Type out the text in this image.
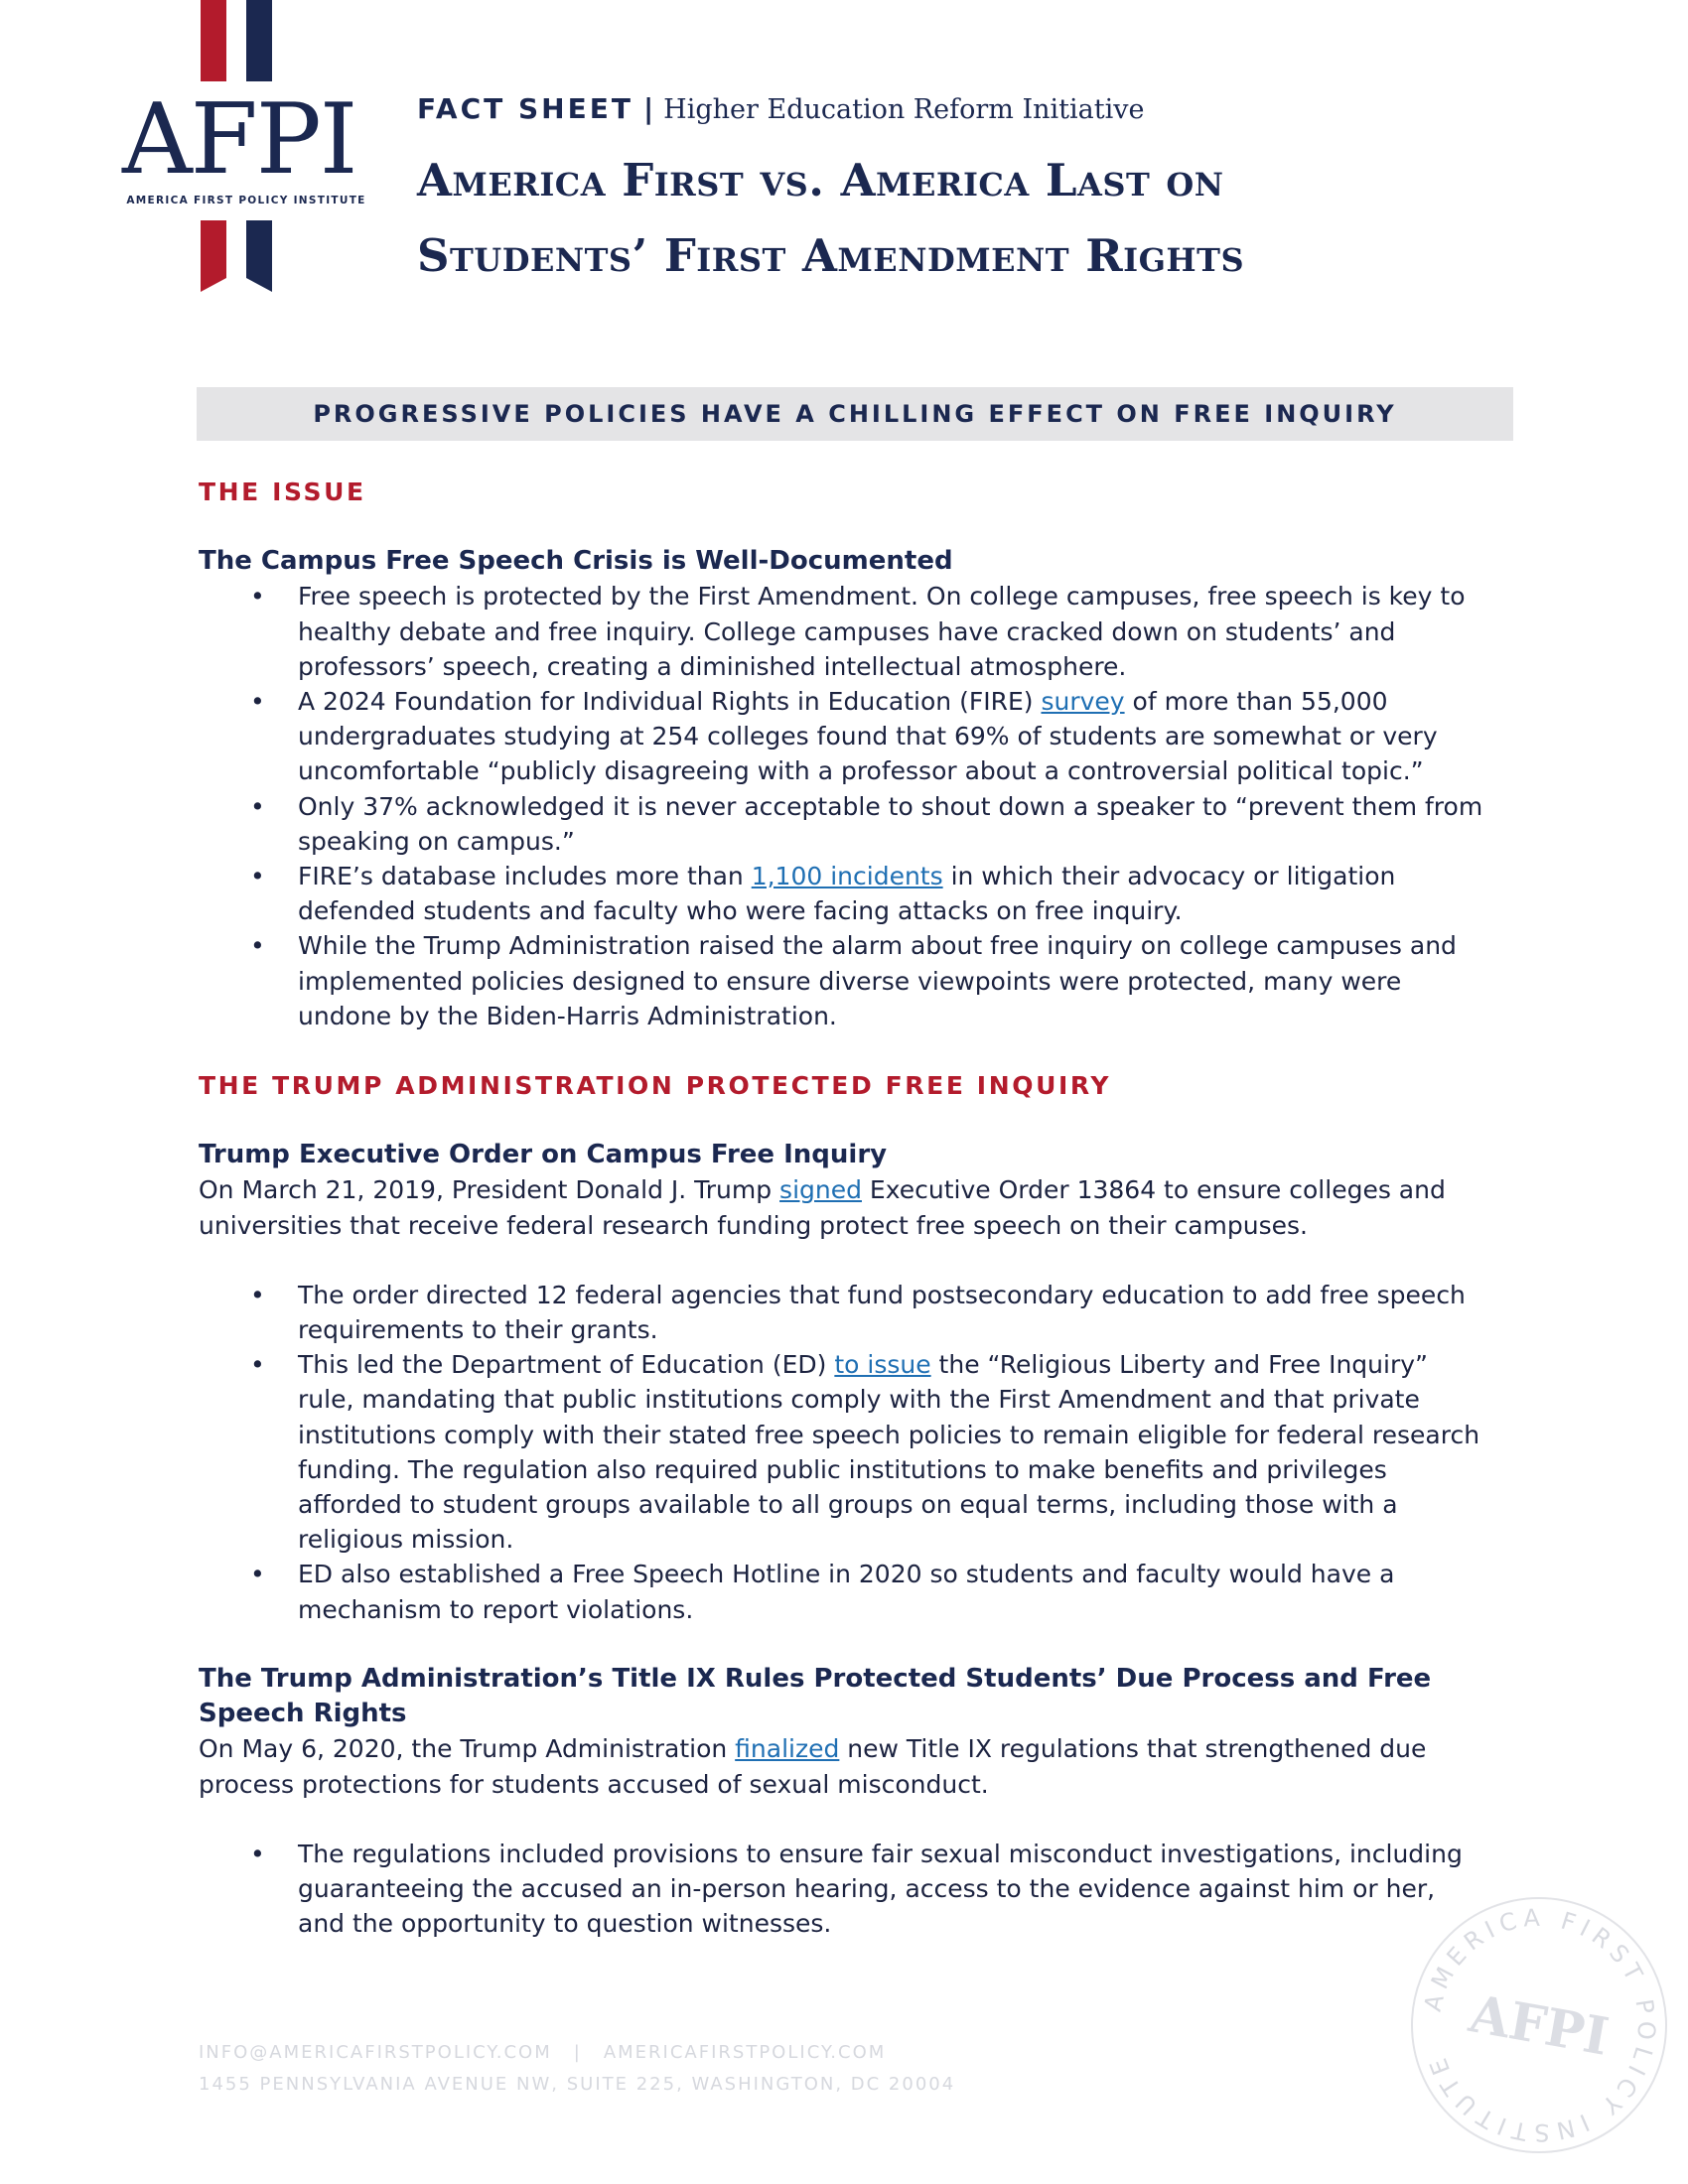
AFPI
AMERICA FIRST POLICY INSTITUTE
FACT SHEET | Higher Education Reform Initiative
America First vs. America Last on
Students’ First Amendment Rights
PROGRESSIVE POLICIES HAVE A CHILLING EFFECT ON FREE INQUIRY

THE ISSUE

The Campus Free Speech Crisis is Well-Documented

• Free speech is protected by the First Amendment. On college campuses, free speech is key to healthy debate and free inquiry. College campuses have cracked down on students’ and professors’ speech, creating a diminished intellectual atmosphere.
• A 2024 Foundation for Individual Rights in Education (FIRE) survey of more than 55,000 undergraduates studying at 254 colleges found that 69% of students are somewhat or very uncomfortable “publicly disagreeing with a professor about a controversial political topic.”
• Only 37% acknowledged it is never acceptable to shout down a speaker to “prevent them from speaking on campus.”
• FIRE’s database includes more than 1,100 incidents in which their advocacy or litigation defended students and faculty who were facing attacks on free inquiry.
• While the Trump Administration raised the alarm about free inquiry on college campuses and implemented policies designed to ensure diverse viewpoints were protected, many were undone by the Biden-Harris Administration.

THE TRUMP ADMINISTRATION PROTECTED FREE INQUIRY

Trump Executive Order on Campus Free Inquiry

On March 21, 2019, President Donald J. Trump signed Executive Order 13864 to ensure colleges and universities that receive federal research funding protect free speech on their campuses.

• The order directed 12 federal agencies that fund postsecondary education to add free speech requirements to their grants.
• This led the Department of Education (ED) to issue the “Religious Liberty and Free Inquiry” rule, mandating that public institutions comply with the First Amendment and that private institutions comply with their stated free speech policies to remain eligible for federal research funding. The regulation also required public institutions to make benefits and privileges afforded to student groups available to all groups on equal terms, including those with a religious mission.
• ED also established a Free Speech Hotline in 2020 so students and faculty would have a mechanism to report violations.

The Trump Administration’s Title IX Rules Protected Students’ Due Process and Free Speech Rights

On May 6, 2020, the Trump Administration finalized new Title IX regulations that strengthened due process protections for students accused of sexual misconduct.

• The regulations included provisions to ensure fair sexual misconduct investigations, including guaranteeing the accused an in-person hearing, access to the evidence against him or her, and the opportunity to question witnesses.
INFO@AMERICAFIRSTPOLICY.COM | AMERICAFIRSTPOLICY.COM
1455 PENNSYLVANIA AVENUE NW, SUITE 225, WASHINGTON, DC 20004
AMERICA FIRST POLICY INSTITUTE AFPI
